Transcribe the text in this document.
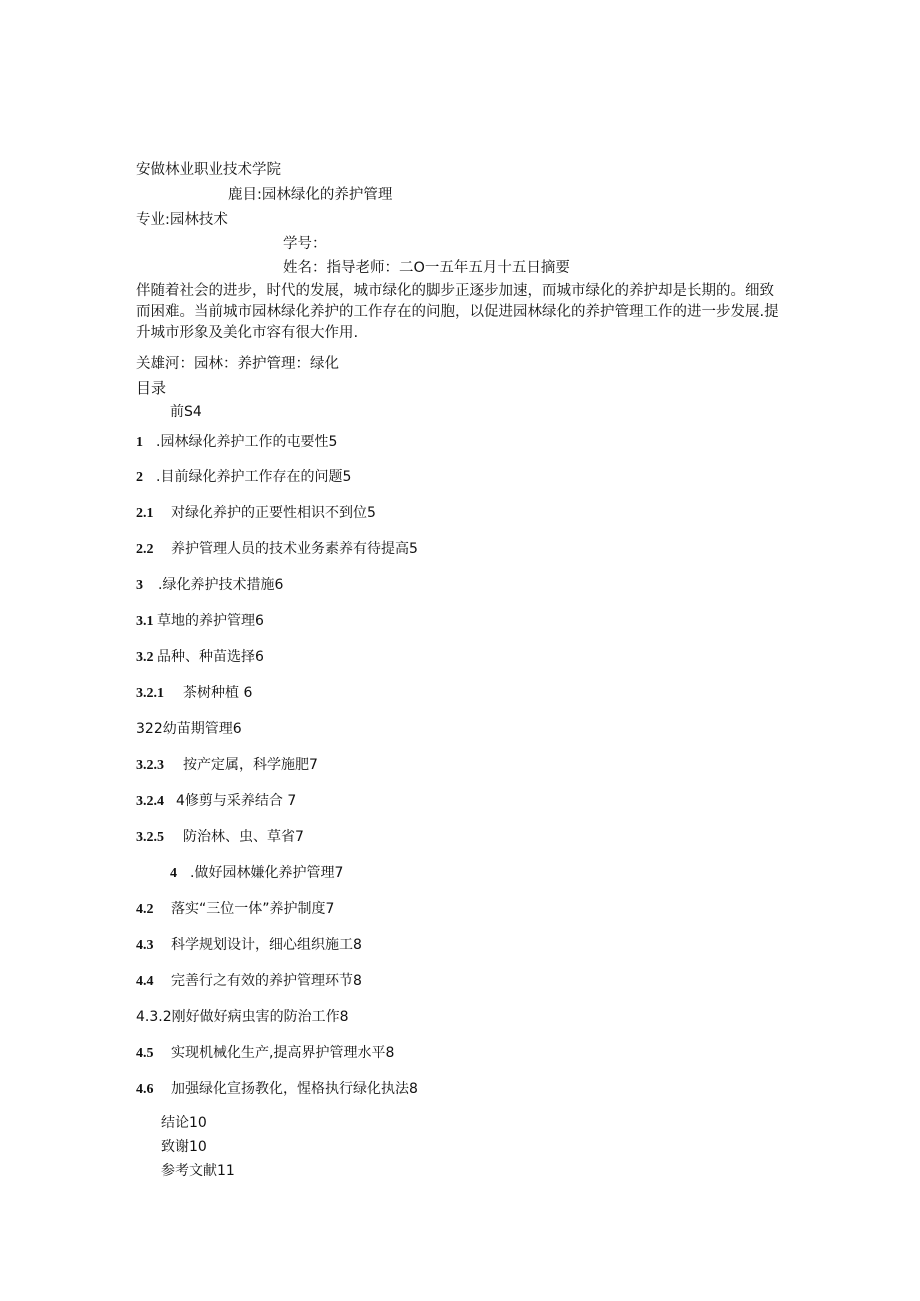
安做林业职业技术学院
鹿目:园林绿化的养护管理
专业:园林技术
学号：
姓名：指导老师：二O一五年五月十五日摘要
伴随着社会的进步，时代的发展，城市绿化的脚步正逐步加速，而城市绿化的养护却是长期的。细致而困难。当前城市园林绿化养护的工作存在的问胞，以促进园林绿化的养护管理工作的进一步发展.提升城市形象及美化市容有很大作用.
关雄河：园林：养护管理：绿化
目录
前S4
1 .园林绿化养护工作的屯要性5
2 .目前绿化养护工作存在的问题5
2.1 对绿化养护的正要性相识不到位5
2.2 养护管理人员的技术业务素养有待提高5
3 .绿化养护技术措施6
3.1 草地的养护管理6
3.2 品种、种苗选择6
3.2.1 茶树种植 6
322幼苗期管理6
3.2.3 按产定属，科学施肥7
3.2.4 4修剪与采养结合 7
3.2.5 防治林、虫、草省7
4 .做好园林嫌化养护管理7
4.2 落实“三位一体”养护制度7
4.3 科学规划设计，细心组织施工8
4.4 完善行之有效的养护管理环节8
4.3.2刚好做好病虫害的防治工作8
4.5 实现机械化生产,提高界护管理水平8
4.6 加强绿化宣扬教化，惺格执行绿化执法8
结论10
致谢10
参考文献11
